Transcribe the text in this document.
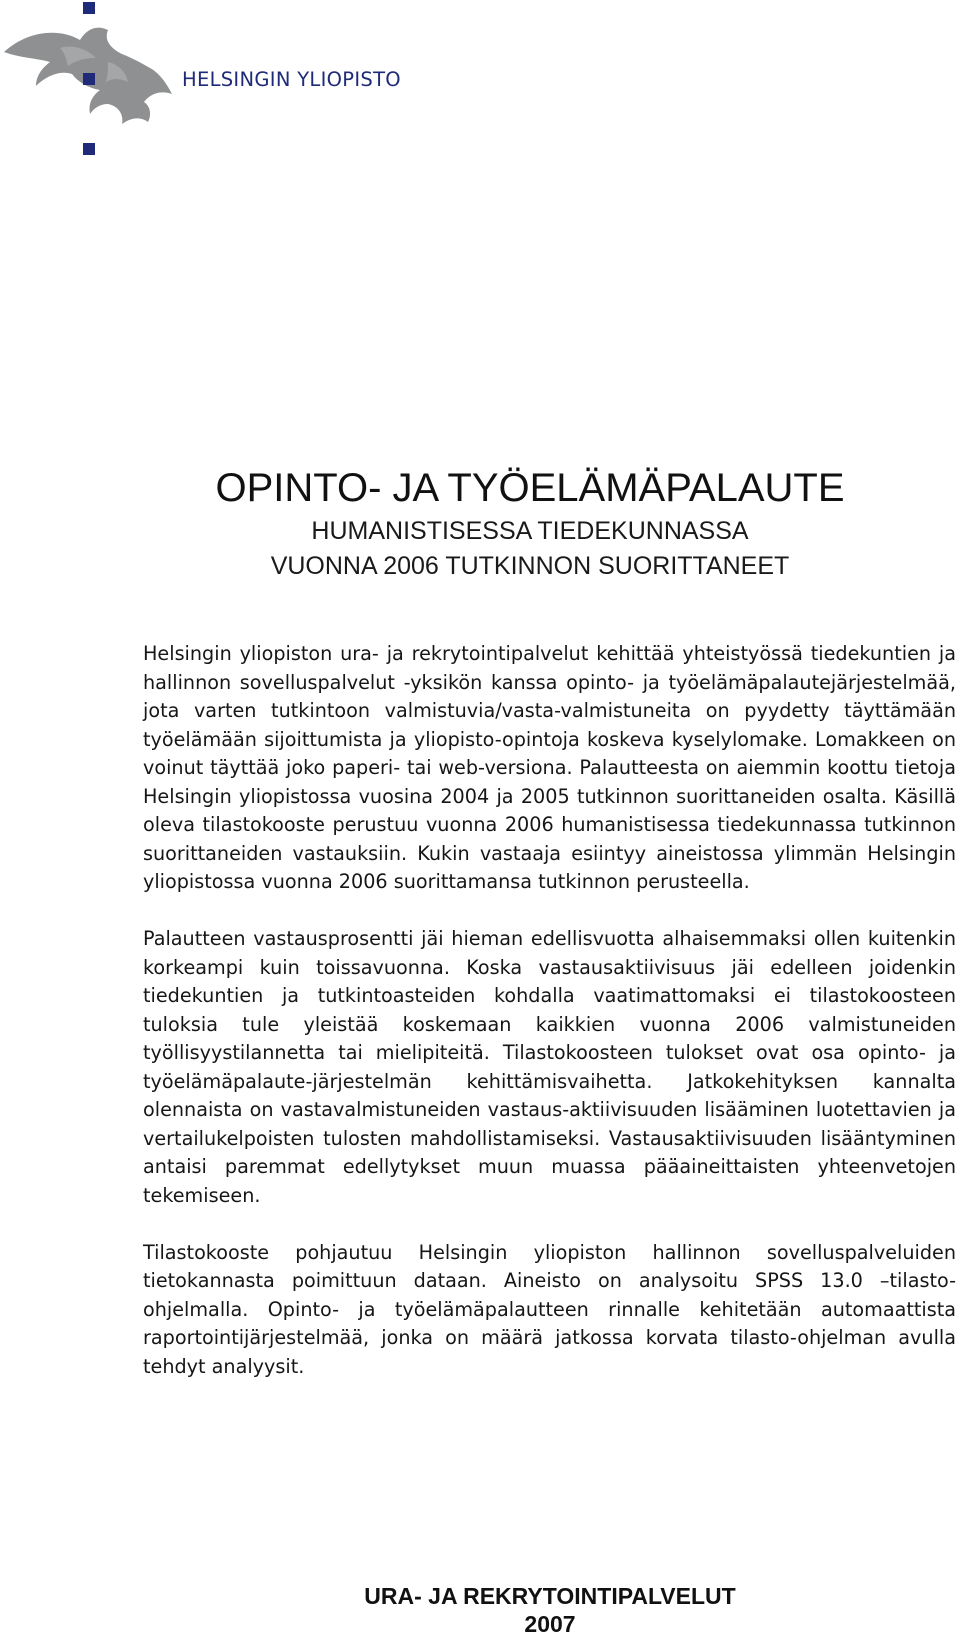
HELSINGIN YLIOPISTO
OPINTO- JA TYÖELÄMÄPALAUTE
HUMANISTISESSA TIEDEKUNNASSA
VUONNA 2006 TUTKINNON SUORITTANEET

Helsingin yliopiston ura- ja rekrytointipalvelut kehittää yhteistyössä tiedekuntien ja hallinnon sovelluspalvelut -yksikön kanssa opinto- ja työelämäpalautejärjestelmää, jota varten tutkintoon valmistuvia/vasta-valmistuneita on pyydetty täyttämään työelämään sijoittumista ja yliopisto-opintoja koskeva kyselylomake. Lomakkeen on voinut täyttää joko paperi- tai web-versiona. Palautteesta on aiemmin koottu tietoja Helsingin yliopistossa vuosina 2004 ja 2005 tutkinnon suorittaneiden osalta. Käsillä oleva tilastokooste perustuu vuonna 2006 humanistisessa tiedekunnassa tutkinnon suorittaneiden vastauksiin. Kukin vastaaja esiintyy aineistossa ylimmän Helsingin yliopistossa vuonna 2006 suorittamansa tutkinnon perusteella.

Palautteen vastausprosentti jäi hieman edellisvuotta alhaisemmaksi ollen kuitenkin korkeampi kuin toissavuonna. Koska vastausaktiivisuus jäi edelleen joidenkin tiedekuntien ja tutkintoasteiden kohdalla vaatimattomaksi ei tilastokoosteen tuloksia tule yleistää koskemaan kaikkien vuonna 2006 valmistuneiden työllisyystilannetta tai mielipiteitä. Tilastokoosteen tulokset ovat osa opinto- ja työelämäpalaute-järjestelmän kehittämisvaihetta. Jatkokehityksen kannalta olennaista on vastavalmistuneiden vastaus-aktiivisuuden lisääminen luotettavien ja vertailukelpoisten tulosten mahdollistamiseksi. Vastausaktiivisuuden lisääntyminen antaisi paremmat edellytykset muun muassa pääaineittaisten yhteenvetojen tekemiseen.

Tilastokooste pohjautuu Helsingin yliopiston hallinnon sovelluspalveluiden tietokannasta poimittuun dataan. Aineisto on analysoitu SPSS 13.0 –tilasto-ohjelmalla. Opinto- ja työelämäpalautteen rinnalle kehitetään automaattista raportointijärjestelmää, jonka on määrä jatkossa korvata tilasto-ohjelman avulla tehdyt analyysit.

URA- JA REKRYTOINTIPALVELUT
2007
